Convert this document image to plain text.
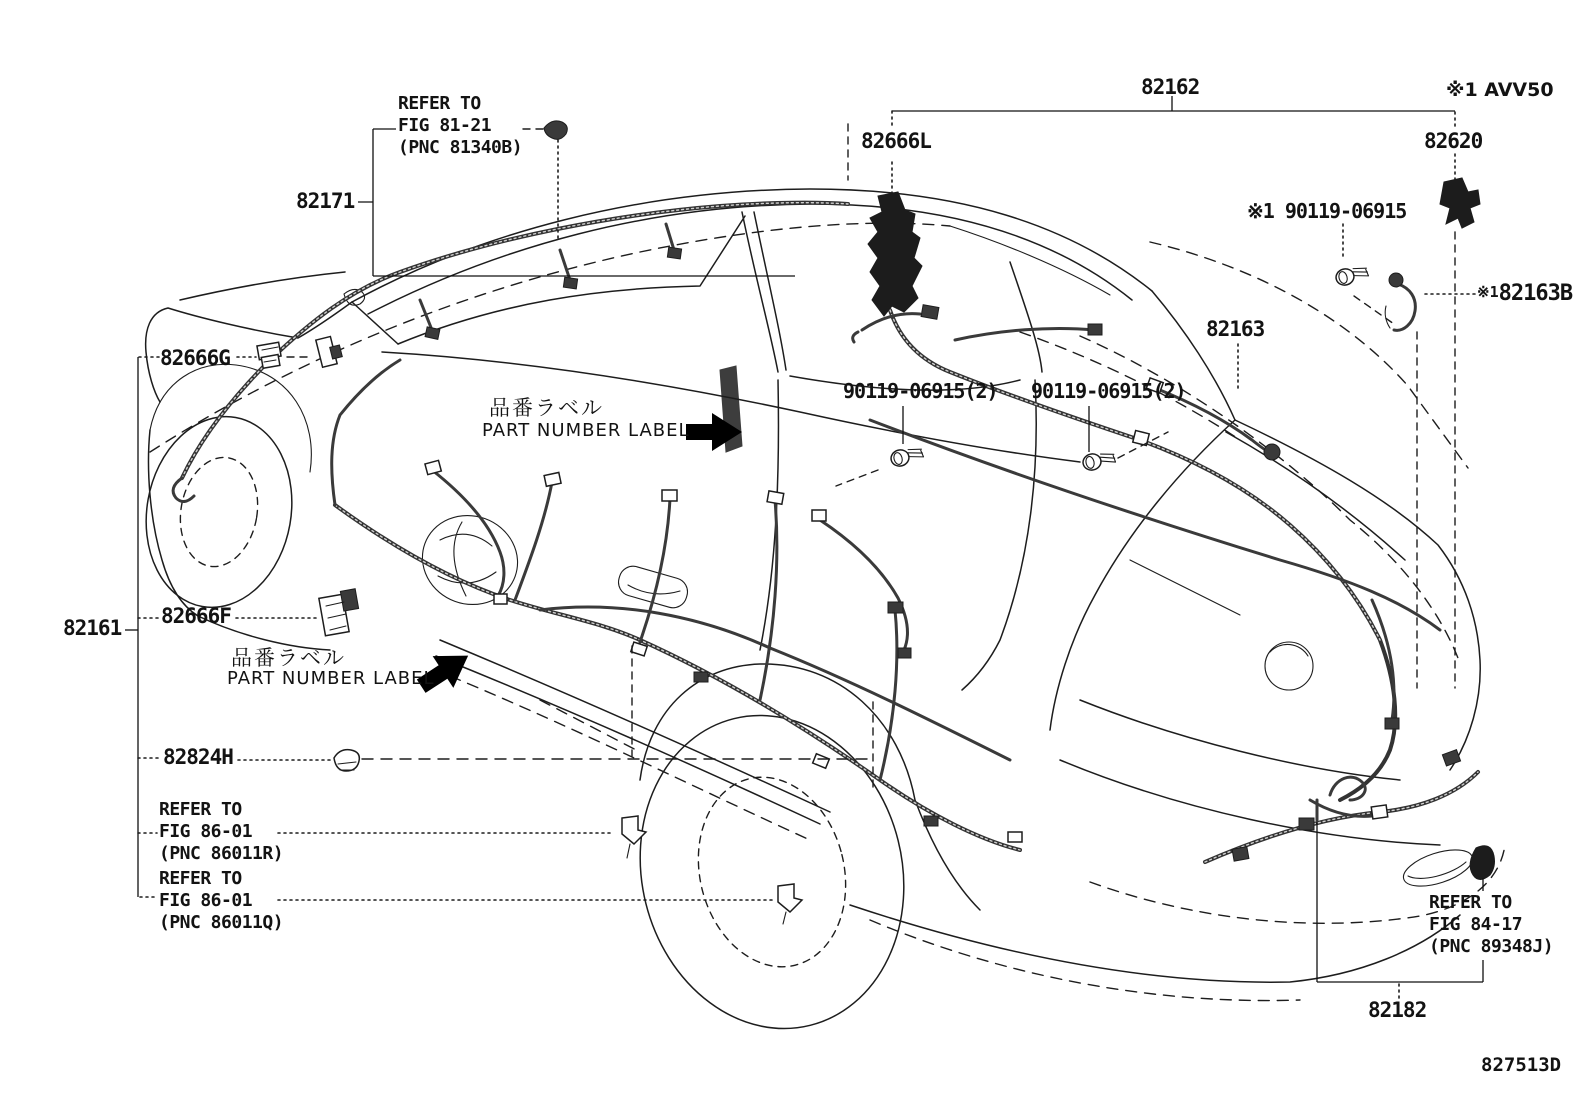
REFER TO
FIG 81-21
(PNC 81340B)
82171
82162
82666L
※1 AVV50
82620
※1 90119-06915
※182163B
82163
90119-06915(2) 90119-06915(2)
82666G
82161 82666F
品番ラベル
PART NUMBER LABEL
品番ラベル
PART NUMBER LABEL
82824H
REFER TO
FIG 86-01
(PNC 86011R)
REFER TO
FIG 86-01
(PNC 86011Q)
REFER TO
FIG 84-17
(PNC 89348J)
82182
827513D
